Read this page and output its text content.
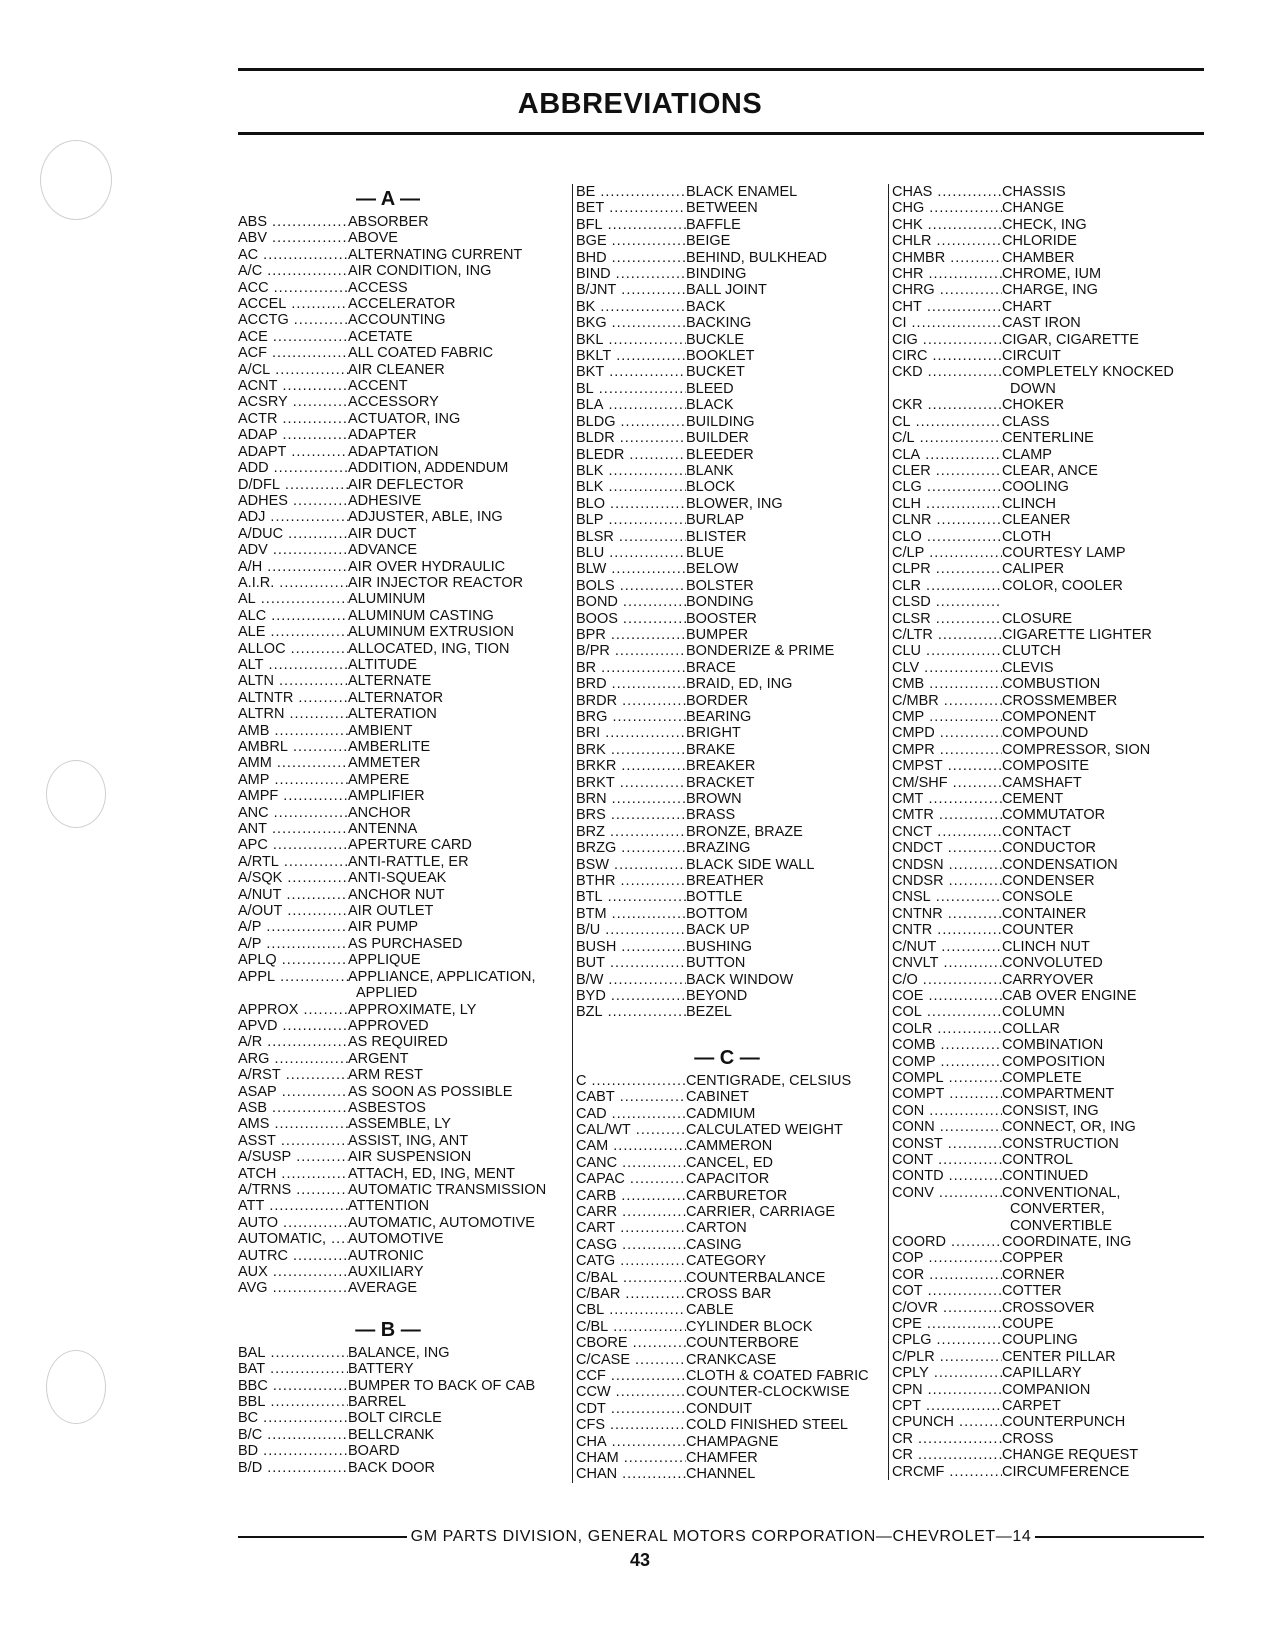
ABBREVIATIONS
— A —
ABS .....	ABSORBER
ABV .....	ABOVE
AC .....	ALTERNATING CURRENT
A/C .....	AIR CONDITION, ING
ACC .....	ACCESS
ACCEL .....	ACCELERATOR
ACCTG .....	ACCOUNTING
ACE .....	ACETATE
ACF .....	ALL COATED FABRIC
A/CL .....	AIR CLEANER
ACNT .....	ACCENT
ACSRY .....	ACCESSORY
ACTR .....	ACTUATOR, ING
ADAP .....	ADAPTER
ADAPT .....	ADAPTATION
ADD .....	ADDITION, ADDENDUM
D/DFL .....	AIR DEFLECTOR
ADHES .....	ADHESIVE
ADJ .....	ADJUSTER, ABLE, ING
A/DUC .....	AIR DUCT
ADV .....	ADVANCE
A/H .....	AIR OVER HYDRAULIC
A.I.R. .....	AIR INJECTOR REACTOR
AL .....	ALUMINUM
ALC .....	ALUMINUM CASTING
ALE .....	ALUMINUM EXTRUSION
ALLOC .....	ALLOCATED, ING, TION
ALT .....	ALTITUDE
ALTN .....	ALTERNATE
ALTNTR .....	ALTERNATOR
ALTRN .....	ALTERATION
AMB .....	AMBIENT
AMBRL .....	AMBERLITE
AMM .....	AMMETER
AMP .....	AMPERE
AMPF .....	AMPLIFIER
ANC .....	ANCHOR
ANT .....	ANTENNA
APC .....	APERTURE CARD
A/RTL .....	ANTI-RATTLE, ER
A/SQK .....	ANTI-SQUEAK
A/NUT .....	ANCHOR NUT
A/OUT .....	AIR OUTLET
A/P .....	AIR PUMP
A/P .....	AS PURCHASED
APLQ .....	APPLIQUE
APPL .....	APPLIANCE, APPLICATION,
APPLIED
APPROX .....	APPROXIMATE, LY
APVD .....	APPROVED
A/R .....	AS REQUIRED
ARG .....	ARGENT
A/RST .....	ARM REST
ASAP .....	AS SOON AS POSSIBLE
ASB .....	ASBESTOS
AMS .....	ASSEMBLE, LY
ASST .....	ASSIST, ING, ANT
A/SUSP .....	AIR SUSPENSION
ATCH .....	ATTACH, ED, ING, MENT
A/TRNS .....	AUTOMATIC TRANSMISSION
ATT .....	ATTENTION
AUTO .....	AUTOMATIC, AUTOMOTIVE
AUTOMATIC, .....	AUTOMOTIVE
AUTRC .....	AUTRONIC
AUX .....	AUXILIARY
AVG .....	AVERAGE
— B —
BAL .....	BALANCE, ING
BAT .....	BATTERY
BBC .....	BUMPER TO BACK OF CAB
BBL .....	BARREL
BC .....	BOLT CIRCLE
B/C .....	BELLCRANK
BD .....	BOARD
B/D .....	BACK DOOR
BE .....	BLACK ENAMEL
BET .....	BETWEEN
BFL .....	BAFFLE
BGE .....	BEIGE
BHD .....	BEHIND, BULKHEAD
BIND .....	BINDING
B/JNT .....	BALL JOINT
BK .....	BACK
BKG .....	BACKING
BKL .....	BUCKLE
BKLT .....	BOOKLET
BKT .....	BUCKET
BL .....	BLEED
BLA .....	BLACK
BLDG .....	BUILDING
BLDR .....	BUILDER
BLEDR .....	BLEEDER
BLK .....	BLANK
BLK .....	BLOCK
BLO .....	BLOWER, ING
BLP .....	BURLAP
BLSR .....	BLISTER
BLU .....	BLUE
BLW .....	BELOW
BOLS .....	BOLSTER
BOND .....	BONDING
BOOS .....	BOOSTER
BPR .....	BUMPER
B/PR .....	BONDERIZE & PRIME
BR .....	BRACE
BRD .....	BRAID, ED, ING
BRDR .....	BORDER
BRG .....	BEARING
BRI .....	BRIGHT
BRK .....	BRAKE
BRKR .....	BREAKER
BRKT .....	BRACKET
BRN .....	BROWN
BRS .....	BRASS
BRZ .....	BRONZE, BRAZE
BRZG .....	BRAZING
BSW .....	BLACK SIDE WALL
BTHR .....	BREATHER
BTL .....	BOTTLE
BTM .....	BOTTOM
B/U .....	BACK UP
BUSH .....	BUSHING
BUT .....	BUTTON
B/W .....	BACK WINDOW
BYD .....	BEYOND
BZL .....	BEZEL
— C —
C .....	CENTIGRADE, CELSIUS
CABT .....	CABINET
CAD .....	CADMIUM
CAL/WT .....	CALCULATED WEIGHT
CAM .....	CAMMERON
CANC .....	CANCEL, ED
CAPAC .....	CAPACITOR
CARB .....	CARBURETOR
CARR .....	CARRIER, CARRIAGE
CART .....	CARTON
CASG .....	CASING
CATG .....	CATEGORY
C/BAL .....	COUNTERBALANCE
C/BAR .....	CROSS BAR
CBL .....	CABLE
C/BL .....	CYLINDER BLOCK
CBORE .....	COUNTERBORE
C/CASE .....	CRANKCASE
CCF .....	CLOTH & COATED FABRIC
CCW .....	COUNTER-CLOCKWISE
CDT .....	CONDUIT
CFS .....	COLD FINISHED STEEL
CHA .....	CHAMPAGNE
CHAM .....	CHAMFER
CHAN .....	CHANNEL
CHAS .....	CHASSIS
CHG .....	CHANGE
CHK .....	CHECK, ING
CHLR .....	CHLORIDE
CHMBR .....	CHAMBER
CHR .....	CHROME, IUM
CHRG .....	CHARGE, ING
CHT .....	CHART
CI .....	CAST IRON
CIG .....	CIGAR, CIGARETTE
CIRC .....	CIRCUIT
CKD .....	COMPLETELY KNOCKED
DOWN
CKR .....	CHOKER
CL .....	CLASS
C/L .....	CENTERLINE
CLA .....	CLAMP
CLER .....	CLEAR, ANCE
CLG .....	COOLING
CLH .....	CLINCH
CLNR .....	CLEANER
CLO .....	CLOTH
C/LP .....	COURTESY LAMP
CLPR .....	CALIPER
CLR .....	COLOR, COOLER
CLSD .....
CLSR .....	CLOSURE
C/LTR .....	CIGARETTE LIGHTER
CLU .....	CLUTCH
CLV .....	CLEVIS
CMB .....	COMBUSTION
C/MBR .....	CROSSMEMBER
CMP .....	COMPONENT
CMPD .....	COMPOUND
CMPR .....	COMPRESSOR, SION
CMPST .....	COMPOSITE
CM/SHF .....	CAMSHAFT
CMT .....	CEMENT
CMTR .....	COMMUTATOR
CNCT .....	CONTACT
CNDCT .....	CONDUCTOR
CNDSN .....	CONDENSATION
CNDSR .....	CONDENSER
CNSL .....	CONSOLE
CNTNR .....	CONTAINER
CNTR .....	COUNTER
C/NUT .....	CLINCH NUT
CNVLT .....	CONVOLUTED
C/O .....	CARRYOVER
COE .....	CAB OVER ENGINE
COL .....	COLUMN
COLR .....	COLLAR
COMB .....	COMBINATION
COMP .....	COMPOSITION
COMPL .....	COMPLETE
COMPT .....	COMPARTMENT
CON .....	CONSIST, ING
CONN .....	CONNECT, OR, ING
CONST .....	CONSTRUCTION
CONT .....	CONTROL
CONTD .....	CONTINUED
CONV .....	CONVENTIONAL,
CONVERTER,
CONVERTIBLE
COORD .....	COORDINATE, ING
COP .....	COPPER
COR .....	CORNER
COT .....	COTTER
C/OVR .....	CROSSOVER
CPE .....	COUPE
CPLG .....	COUPLING
C/PLR .....	CENTER PILLAR
CPLY .....	CAPILLARY
CPN .....	COMPANION
CPT .....	CARPET
CPUNCH .....	COUNTERPUNCH
CR .....	CROSS
CR .....	CHANGE REQUEST
CRCMF .....	CIRCUMFERENCE
GM PARTS DIVISION, GENERAL MOTORS CORPORATION—CHEVROLET—14
43
